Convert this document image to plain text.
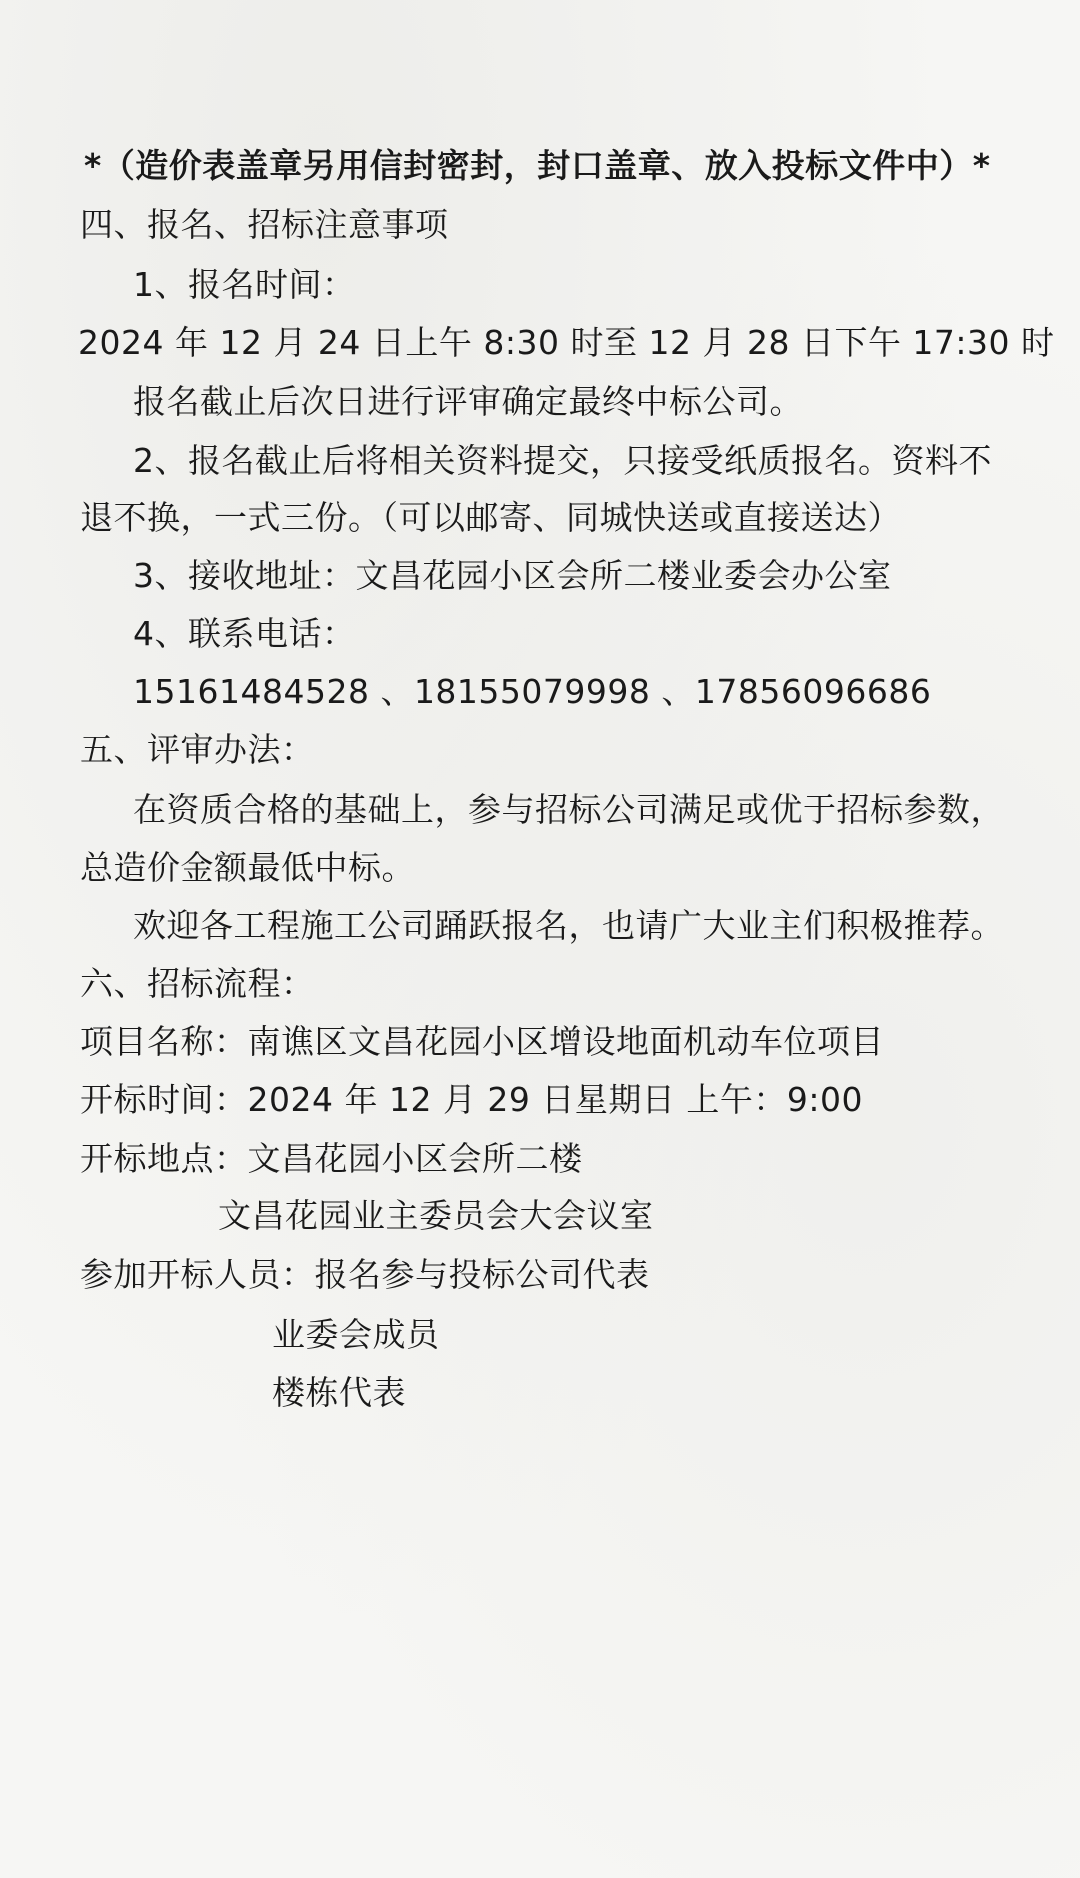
*（造价表盖章另用信封密封，封口盖章、放入投标文件中）*
四、报名、招标注意事项
1、报名时间：
2024 年 12 月 24 日上午 8:30 时至 12 月 28 日下午 17:30 时
报名截止后次日进行评审确定最终中标公司。
2、报名截止后将相关资料提交，只接受纸质报名。资料不
退不换，一式三份。（可以邮寄、同城快送或直接送达）
3、接收地址：文昌花园小区会所二楼业委会办公室
4、联系电话：
15161484528 、18155079998 、17856096686
五、评审办法：
在资质合格的基础上，参与招标公司满足或优于招标参数，
总造价金额最低中标。
欢迎各工程施工公司踊跃报名，也请广大业主们积极推荐。
六、招标流程：
项目名称：南谯区文昌花园小区增设地面机动车位项目
开标时间：2024 年 12 月 29 日星期日 上午：9:00
开标地点：文昌花园小区会所二楼
文昌花园业主委员会大会议室
参加开标人员：报名参与投标公司代表
业委会成员
楼栋代表
